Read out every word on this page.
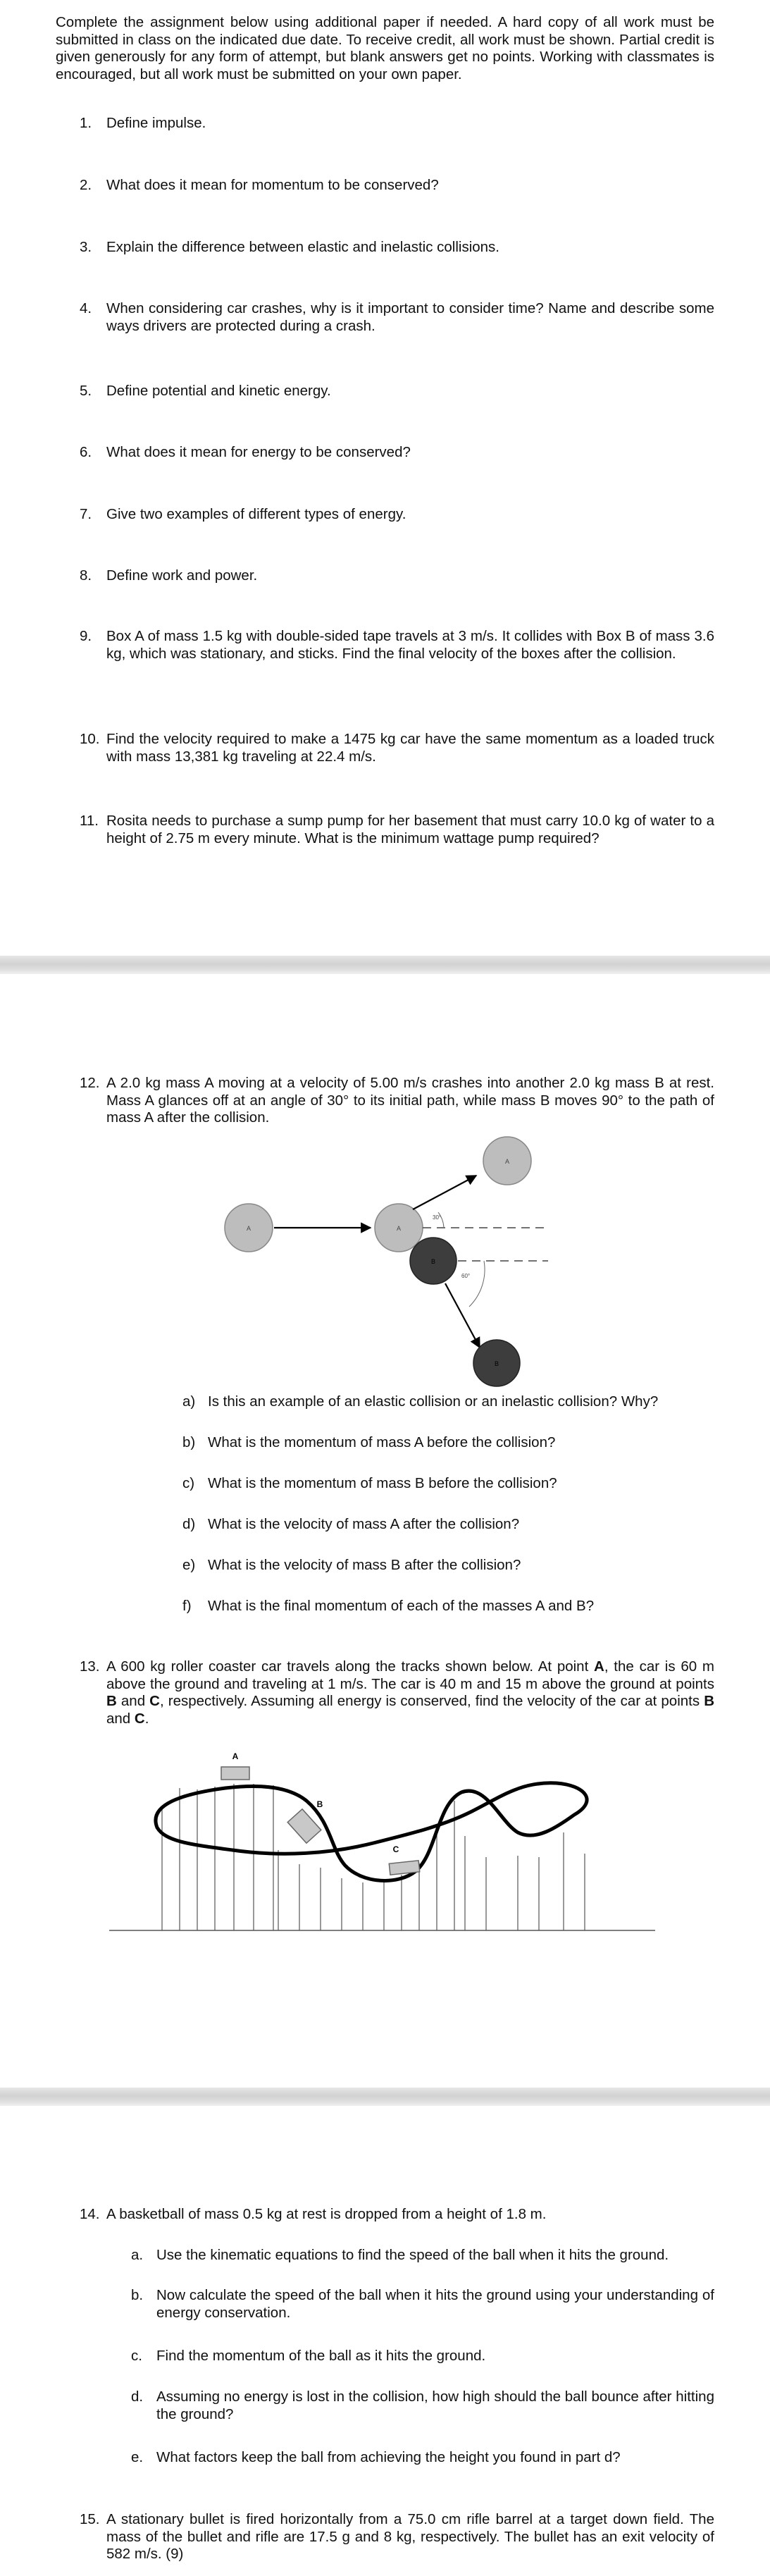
Complete the assignment below using additional paper if needed. A hard copy of all work must be submitted in class on the indicated due date. To receive credit, all work must be shown. Partial credit is given generously for any form of attempt, but blank answers get no points. Working with classmates is encouraged, but all work must be submitted on your own paper.
1.	Define impulse.
2.	What does it mean for momentum to be conserved?
3.	Explain the difference between elastic and inelastic collisions.
4.	When considering car crashes, why is it important to consider time? Name and describe some ways drivers are protected during a crash.
5.	Define potential and kinetic energy.
6.	What does it mean for energy to be conserved?
7.	Give two examples of different types of energy.
8.	Define work and power.
9.	Box A of mass 1.5 kg with double-sided tape travels at 3 m/s. It collides with Box B of mass 3.6 kg, which was stationary, and sticks. Find the final velocity of the boxes after the collision.
10. Find the velocity required to make a 1475 kg car have the same momentum as a loaded truck with mass 13,381 kg traveling at 22.4 m/s.
11. Rosita needs to purchase a sump pump for her basement that must carry 10.0 kg of water to a height of 2.75 m every minute. What is the minimum wattage pump required?
12. A 2.0 kg mass A moving at a velocity of 5.00 m/s crashes into another 2.0 kg mass B at rest. Mass A glances off at an angle of 30° to its initial path, while mass B moves 90° to the path of mass A after the collision.
A	A
30°
A
B
60°
B
a) Is this an example of an elastic collision or an inelastic collision? Why?
b) What is the momentum of mass A before the collision?
c) What is the momentum of mass B before the collision?
d) What is the velocity of mass A after the collision?
e) What is the velocity of mass B after the collision?
f)	What is the final momentum of each of the masses A and B?
13. A 600 kg roller coaster car travels along the tracks shown below. At point A, the car is 60 m above the ground and traveling at 1 m/s. The car is 40 m and 15 m above the ground at points B and C, respectively. Assuming all energy is conserved, find the velocity of the car at points B and C.
A
B
C
14. A basketball of mass 0.5 kg at rest is dropped from a height of 1.8 m.
a. Use the kinematic equations to find the speed of the ball when it hits the ground.
b. Now calculate the speed of the ball when it hits the ground using your understanding of energy conservation.
c. Find the momentum of the ball as it hits the ground.
d. Assuming no energy is lost in the collision, how high should the ball bounce after hitting the ground?
e. What factors keep the ball from achieving the height you found in part d?
15. A stationary bullet is fired horizontally from a 75.0 cm rifle barrel at a target down field. The mass of the bullet and rifle are 17.5 g and 8 kg, respectively. The bullet has an exit velocity of 582 m/s. (9)
